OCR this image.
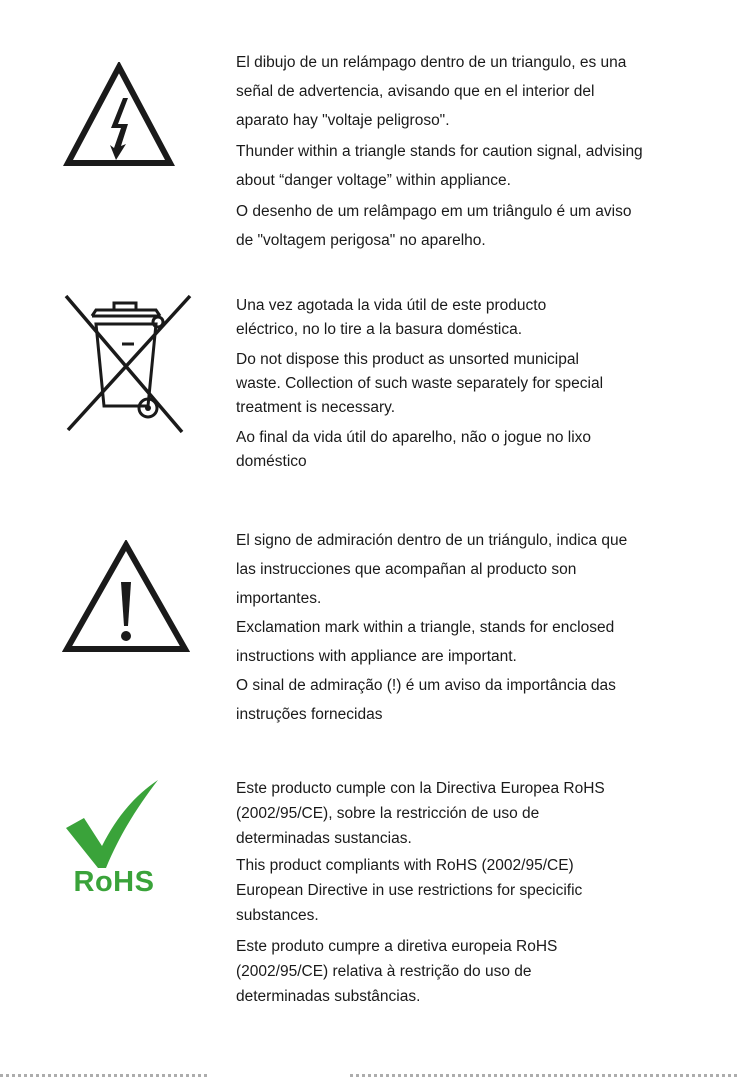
El dibujo de un relámpago dentro de un triangulo, es una
señal de advertencia, avisando que en el interior del
aparato hay "voltaje peligroso".

Thunder within a triangle stands for caution signal, advising
about “danger voltage” within appliance.

O desenho de um relâmpago em um triângulo é um aviso
de "voltagem perigosa" no aparelho.

Una vez agotada la vida útil de este producto
eléctrico, no lo tire a la basura doméstica.

Do not dispose this product as unsorted municipal
waste. Collection of such waste separately for special
treatment is necessary.

Ao final da vida útil do aparelho, não o jogue no lixo
doméstico

El signo de admiración dentro de un triángulo, indica que
las instrucciones que acompañan al producto son
importantes.

Exclamation mark within a triangle, stands for enclosed
instructions with appliance are important.

O sinal de admiração (!) é um aviso da importância das
instruções fornecidas

RoHS

Este producto cumple con la Directiva Europea RoHS
(2002/95/CE), sobre la restricción de uso de
determinadas sustancias.

This product compliants with RoHS (2002/95/CE)
European Directive in use restrictions for specicific
substances.

Este produto cumpre a diretiva europeia RoHS
(2002/95/CE) relativa à restrição do uso de
determinadas substâncias.
